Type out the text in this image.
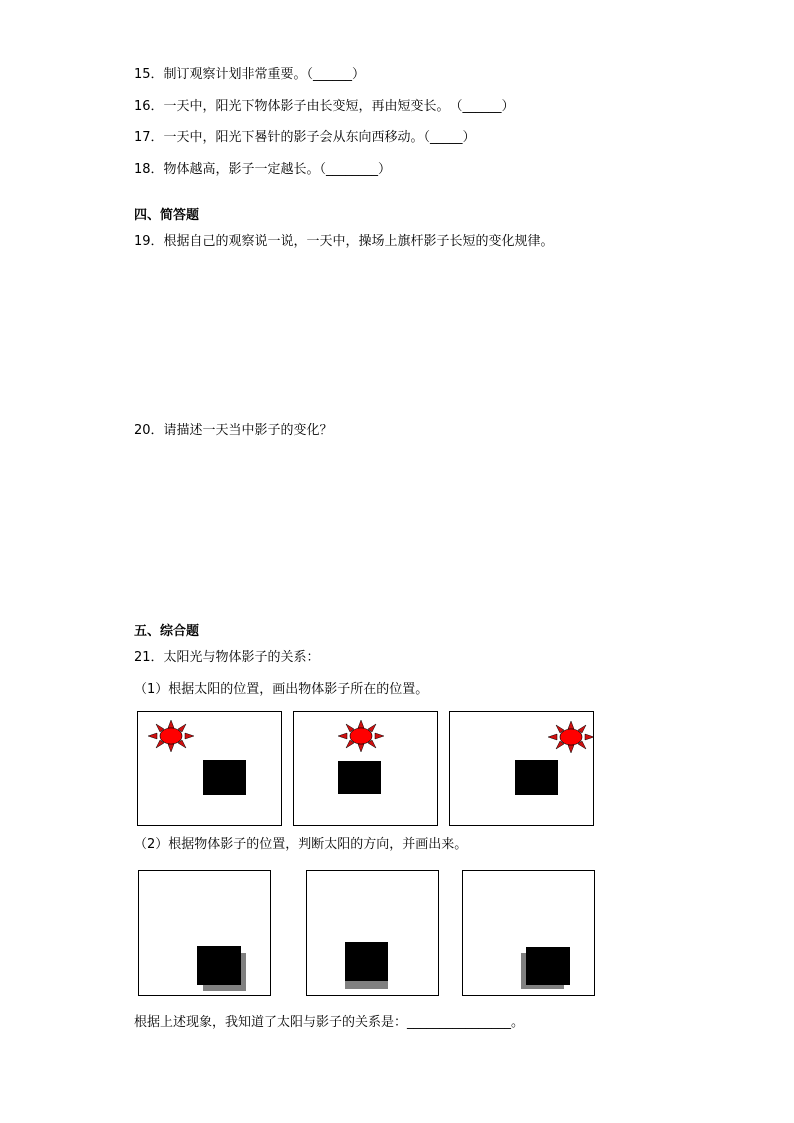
15．制订观察计划非常重要。（______）
16．一天中，阳光下物体影子由长变短，再由短变长。　（______）
17．一天中，阳光下晷针的影子会从东向西移动。（_____）
18．物体越高，影子一定越长。（________）
四、简答题
19．根据自己的观察说一说，一天中，操场上旗杆影子长短的变化规律。
20．请描述一天当中影子的变化？
五、综合题
21．太阳光与物体影子的关系：
（1）根据太阳的位置，画出物体影子所在的位置。
（2）根据物体影子的位置，判断太阳的方向，并画出来。
根据上述现象，我知道了太阳与影子的关系是：________________。
